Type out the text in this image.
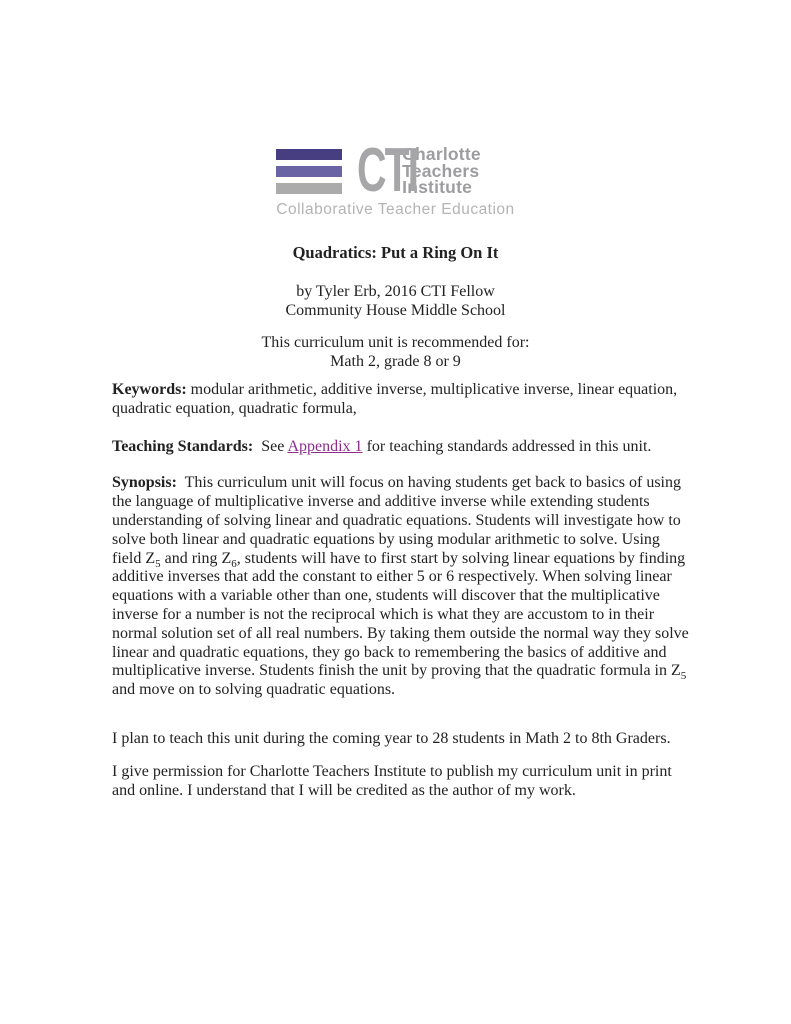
CTI
Charlotte
Teachers
Institute
Collaborative Teacher Education

Quadratics: Put a Ring On It

by Tyler Erb, 2016 CTI Fellow

Community House Middle School

This curriculum unit is recommended for:

Math 2, grade 8 or 9

Keywords: modular arithmetic, additive inverse, multiplicative inverse, linear equation, quadratic equation, quadratic formula,

Teaching Standards:  See Appendix 1 for teaching standards addressed in this unit.

Synopsis:  This curriculum unit will focus on having students get back to basics of using the language of multiplicative inverse and additive inverse while extending students understanding of solving linear and quadratic equations. Students will investigate how to solve both linear and quadratic equations by using modular arithmetic to solve. Using field $Z_5$ and ring $Z_6$, students will have to first start by solving linear equations by finding additive inverses that add the constant to either 5 or 6 respectively. When solving linear equations with a variable other than one, students will discover that the multiplicative inverse for a number is not the reciprocal which is what they are accustom to in their normal solution set of all real numbers. By taking them outside the normal way they solve linear and quadratic equations, they go back to remembering the basics of additive and multiplicative inverse. Students finish the unit by proving that the quadratic formula in $Z_5$ and move on to solving quadratic equations.

I plan to teach this unit during the coming year to 28 students in Math 2 to 8th Graders.

I give permission for Charlotte Teachers Institute to publish my curriculum unit in print and online. I understand that I will be credited as the author of my work.
